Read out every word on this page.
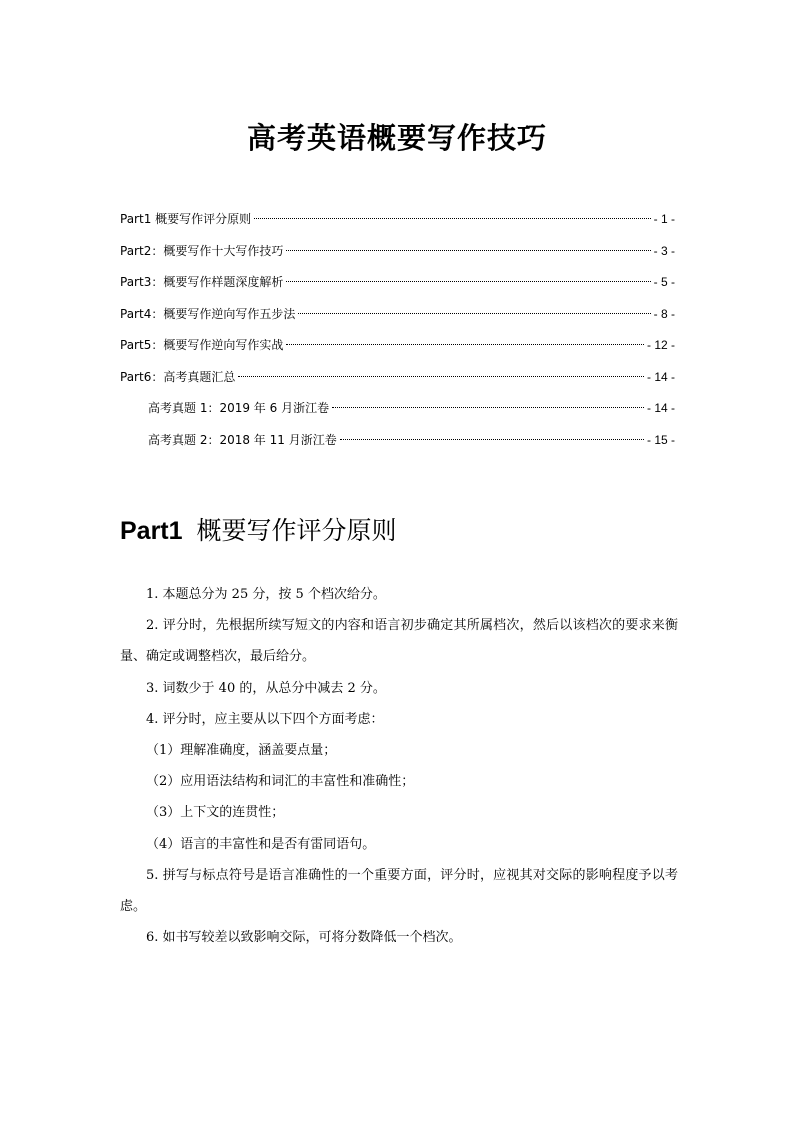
高考英语概要写作技巧
Part1 概要写作评分原则	- 1 -
Part2：概要写作十大写作技巧	- 3 -
Part3：概要写作样题深度解析	- 5 -
Part4：概要写作逆向写作五步法	- 8 -
Part5：概要写作逆向写作实战	- 12 -
Part6：高考真题汇总	- 14 -
高考真题 1：2019 年 6 月浙江卷	- 14 -
高考真题 2：2018 年 11 月浙江卷	- 15 -
Part1 概要写作评分原则

1. 本题总分为 25 分，按 5 个档次给分。

2. 评分时，先根据所续写短文的内容和语言初步确定其所属档次，然后以该档次的要求来衡量、确定或调整档次，最后给分。

3. 词数少于 40 的，从总分中减去 2 分。

4. 评分时，应主要从以下四个方面考虑：

（1）理解准确度，涵盖要点量；

（2）应用语法结构和词汇的丰富性和准确性；

（3）上下文的连贯性；

（4）语言的丰富性和是否有雷同语句。

5. 拼写与标点符号是语言准确性的一个重要方面，评分时，应视其对交际的影响程度予以考虑。

6. 如书写较差以致影响交际，可将分数降低一个档次。
